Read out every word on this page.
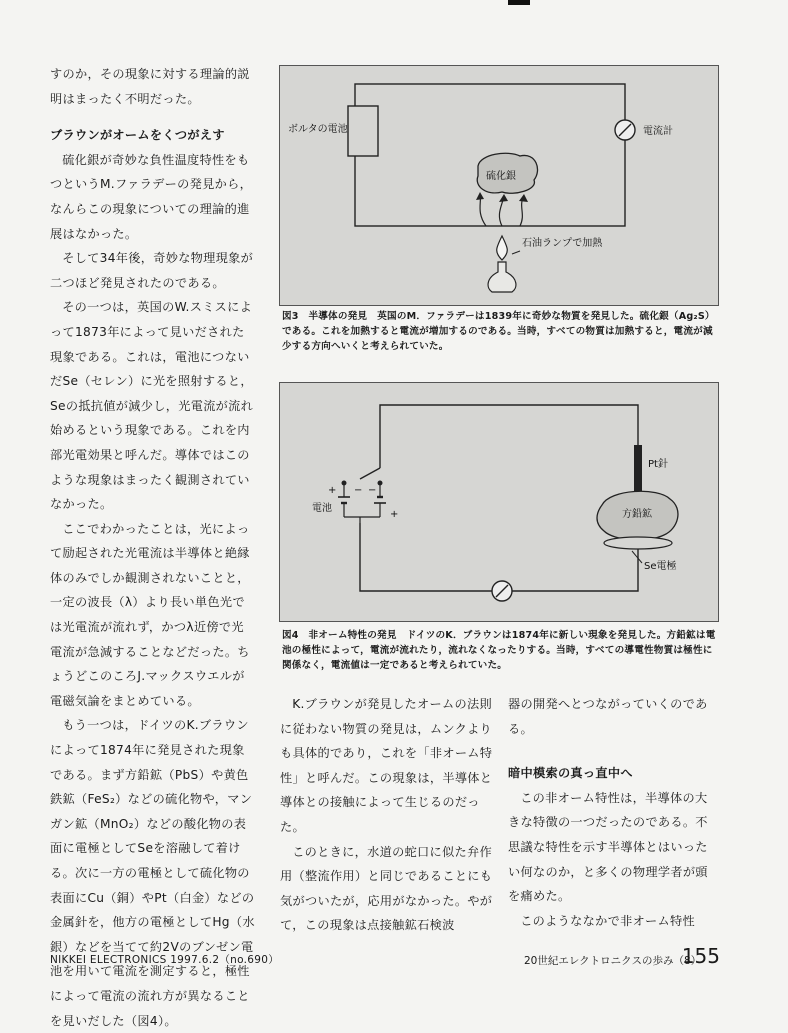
すのか，その現象に対する理論的説明はまったく不明だった。

ブラウンがオームをくつがえす

硫化銀が奇妙な負性温度特性をもつというM.ファラデーの発見から，なんらこの現象についての理論的進展はなかった。

そして34年後，奇妙な物理現象が二つほど発見されたのである。

その一つは，英国のW.スミスによって1873年によって見いだされた現象である。これは，電池につないだSe（セレン）に光を照射すると，Seの抵抗値が減少し，光電流が流れ始めるという現象である。これを内部光電効果と呼んだ。導体ではこのような現象はまったく観測されていなかった。

ここでわかったことは，光によって励起された光電流は半導体と絶縁体のみでしか観測されないことと，一定の波長（λ）より長い単色光では光電流が流れず，かつλ近傍で光電流が急減することなどだった。ちょうどこのころJ.マックスウエルが電磁気論をまとめている。

もう一つは，ドイツのK.ブラウンによって1874年に発見された現象である。まず方鉛鉱（PbS）や黄色鉄鉱（FeS₂）などの硫化物や，マンガン鉱（MnO₂）などの酸化物の表面に電極としてSeを溶融して着ける。次に一方の電極として硫化物の表面にCu（銅）やPt（白金）などの金属針を，他方の電極としてHg（水銀）などを当てて約2Vのブンゼン電池を用いて電流を測定すると，極性によって電流の流れ方が異なることを見いだした（図4）。

ボルタの電池	電流計
硫化銀
石油ランプで加熱
図3　半導体の発見 英国のM．ファラデーは1839年に奇妙な物質を発見した。硫化銀（Ag₂S）である。これを加熱すると電流が増加するのである。当時，すべての物質は加熱すると，電流が減少する方向へいくと考えられていた。
電池
+ − −
+
Pt針
方鉛鉱
Se電極
図4　非オーム特性の発見 ドイツのK．ブラウンは1874年に新しい現象を発見した。方鉛鉱は電池の極性によって，電流が流れたり，流れなくなったりする。当時，すべての導電性物質は極性に関係なく，電流値は一定であると考えられていた。

K.ブラウンが発見したオームの法則に従わない物質の発見は，ムンクよりも具体的であり，これを「非オーム特性」と呼んだ。この現象は，半導体と導体との接触によって生じるのだった。

このときに，水道の蛇口に似た弁作用（整流作用）と同じであることにも気がついたが，応用がなかった。やがて，この現象は点接触鉱石検波

器の開発へとつながっていくのである。

暗中模索の真っ直中へ

この非オーム特性は，半導体の大きな特徴の一つだったのである。不思議な特性を示す半導体とはいったい何なのか，と多くの物理学者が頭を痛めた。

このようななかで非オーム特性

NIKKEI ELECTRONICS 1997.6.2（no.690）	20世紀エレクトロニクスの歩み（8）
155
